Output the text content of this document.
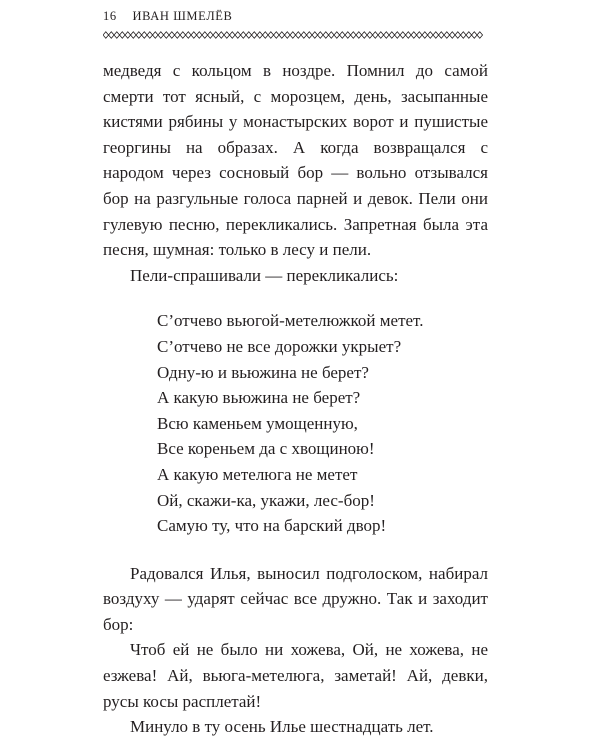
16 ИВАН ШМЕЛЁВ

медведя с кольцом в ноздре. Помнил до самой смерти тот ясный, с морозцем, день, засыпанные кистями рябины у монастырских ворот и пушистые георгины на образах. А когда возвращался с народом через сосновый бор — вольно отзывался бор на разгульные голоса парней и девок. Пели они гулевую песню, перекликались. Запретная была эта песня, шумная: только в лесу и пели.

Пели-спрашивали — перекликались:

С’отчево вьюгой-метелюжкой метет.
С’отчево не все дорожки укрыет?
Одну-ю и вьюжина не берет?
А какую вьюжина не берет?
Всю каменьем умощенную,
Все кореньем да с хвощиною!
А какую метелюга не метет
Ой, скажи-ка, укажи, лес-бор!
Самую ту, что на барский двор!

Радовался Илья, выносил подголоском, набирал воздуху — ударят сейчас все дружно. Так и заходит бор:

Чтоб ей не было ни хожева, Ой, не хожева, не езжева! Ай, вьюга-метелюга, заметай! Ай, девки, русы косы расплетай!

Минуло в ту осень Илье шестнадцать лет.
